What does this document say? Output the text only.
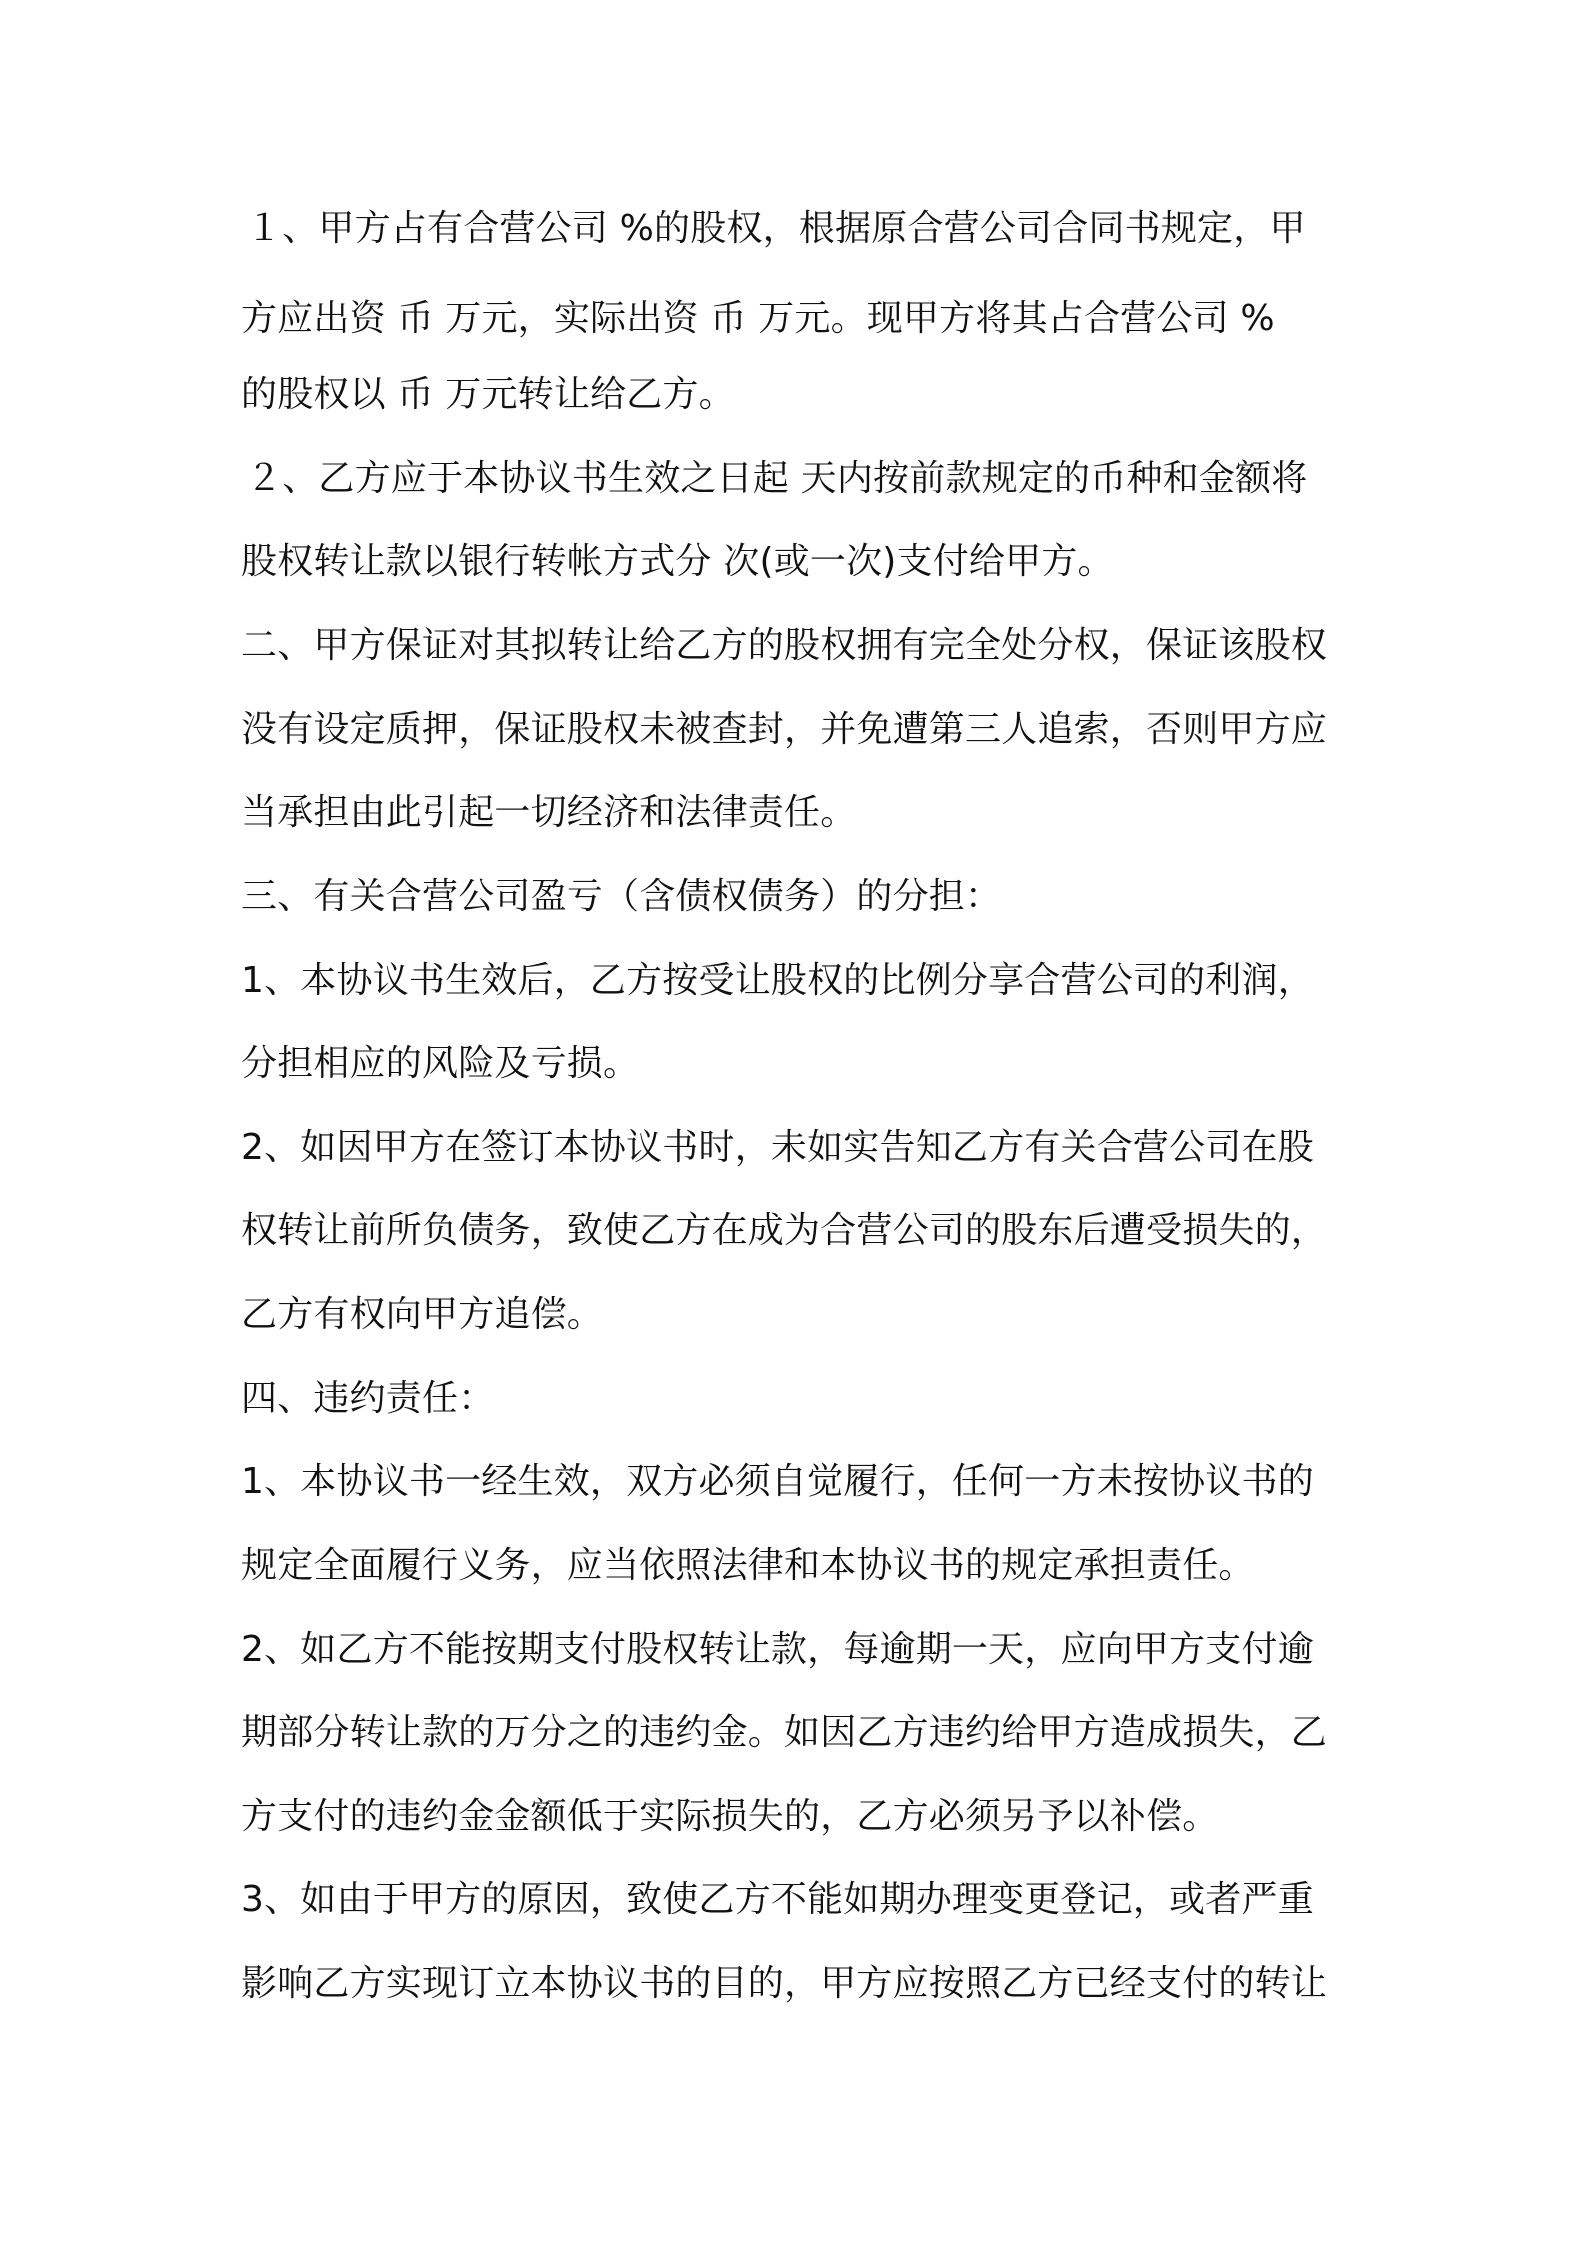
１、甲方占有合营公司 %的股权，根据原合营公司合同书规定，甲
方应出资 币 万元，实际出资 币 万元。现甲方将其占合营公司 %
的股权以 币 万元转让给乙方。
２、乙方应于本协议书生效之日起 天内按前款规定的币种和金额将
股权转让款以银行转帐方式分 次(或一次)支付给甲方。
二、甲方保证对其拟转让给乙方的股权拥有完全处分权，保证该股权
没有设定质押，保证股权未被查封，并免遭第三人追索，否则甲方应
当承担由此引起一切经济和法律责任。
三、有关合营公司盈亏（含债权债务）的分担：
1、本协议书生效后，乙方按受让股权的比例分享合营公司的利润，
分担相应的风险及亏损。
2、如因甲方在签订本协议书时，未如实告知乙方有关合营公司在股
权转让前所负债务，致使乙方在成为合营公司的股东后遭受损失的，
乙方有权向甲方追偿。
四、违约责任：
1、本协议书一经生效，双方必须自觉履行，任何一方未按协议书的
规定全面履行义务，应当依照法律和本协议书的规定承担责任。
2、如乙方不能按期支付股权转让款，每逾期一天，应向甲方支付逾
期部分转让款的万分之的违约金。如因乙方违约给甲方造成损失，乙
方支付的违约金金额低于实际损失的，乙方必须另予以补偿。
3、如由于甲方的原因，致使乙方不能如期办理变更登记，或者严重
影响乙方实现订立本协议书的目的，甲方应按照乙方已经支付的转让
